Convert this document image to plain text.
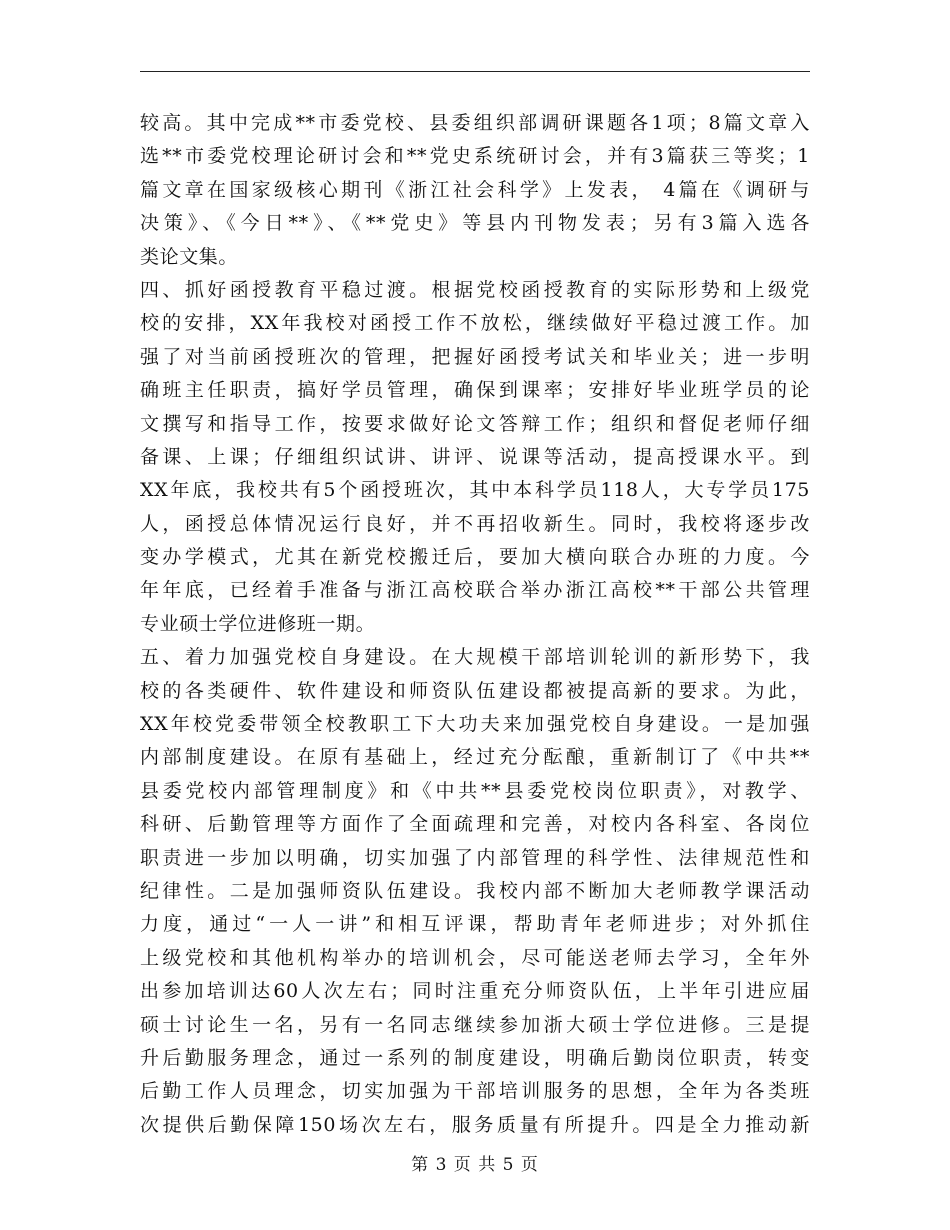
较高。其中完成**市委党校、县委组织部调研课题各1项；8篇文章入
选**市委党校理论研讨会和**党史系统研讨会，并有3篇获三等奖；1
篇文章在国家级核心期刊《浙江社会科学》上发表， 4篇在《调研与
决策》、《今日**》、《**党史》等县内刊物发表；另有3篇入选各
类论文集。
四、抓好函授教育平稳过渡。根据党校函授教育的实际形势和上级党
校的安排，XX年我校对函授工作不放松，继续做好平稳过渡工作。加
强了对当前函授班次的管理，把握好函授考试关和毕业关；进一步明
确班主任职责，搞好学员管理，确保到课率；安排好毕业班学员的论
文撰写和指导工作，按要求做好论文答辩工作；组织和督促老师仔细
备课、上课；仔细组织试讲、讲评、说课等活动，提高授课水平。到
XX年底，我校共有5个函授班次，其中本科学员118人，大专学员175
人，函授总体情况运行良好，并不再招收新生。同时，我校将逐步改
变办学模式，尤其在新党校搬迁后，要加大横向联合办班的力度。今
年年底，已经着手准备与浙江高校联合举办浙江高校**干部公共管理
专业硕士学位进修班一期。
五、着力加强党校自身建设。在大规模干部培训轮训的新形势下，我
校的各类硬件、软件建设和师资队伍建设都被提高新的要求。为此，
XX年校党委带领全校教职工下大功夫来加强党校自身建设。一是加强
内部制度建设。在原有基础上，经过充分酝酿，重新制订了《中共**
县委党校内部管理制度》和《中共**县委党校岗位职责》，对教学、
科研、后勤管理等方面作了全面疏理和完善，对校内各科室、各岗位
职责进一步加以明确，切实加强了内部管理的科学性、法律规范性和
纪律性。二是加强师资队伍建设。我校内部不断加大老师教学课活动
力度，通过“一人一讲”和相互评课，帮助青年老师进步；对外抓住
上级党校和其他机构举办的培训机会，尽可能送老师去学习，全年外
出参加培训达60人次左右；同时注重充分师资队伍，上半年引进应届
硕士讨论生一名，另有一名同志继续参加浙大硕士学位进修。三是提
升后勤服务理念，通过一系列的制度建设，明确后勤岗位职责，转变
后勤工作人员理念，切实加强为干部培训服务的思想，全年为各类班
次提供后勤保障150场次左右，服务质量有所提升。四是全力推动新
第 3 页 共 5 页
